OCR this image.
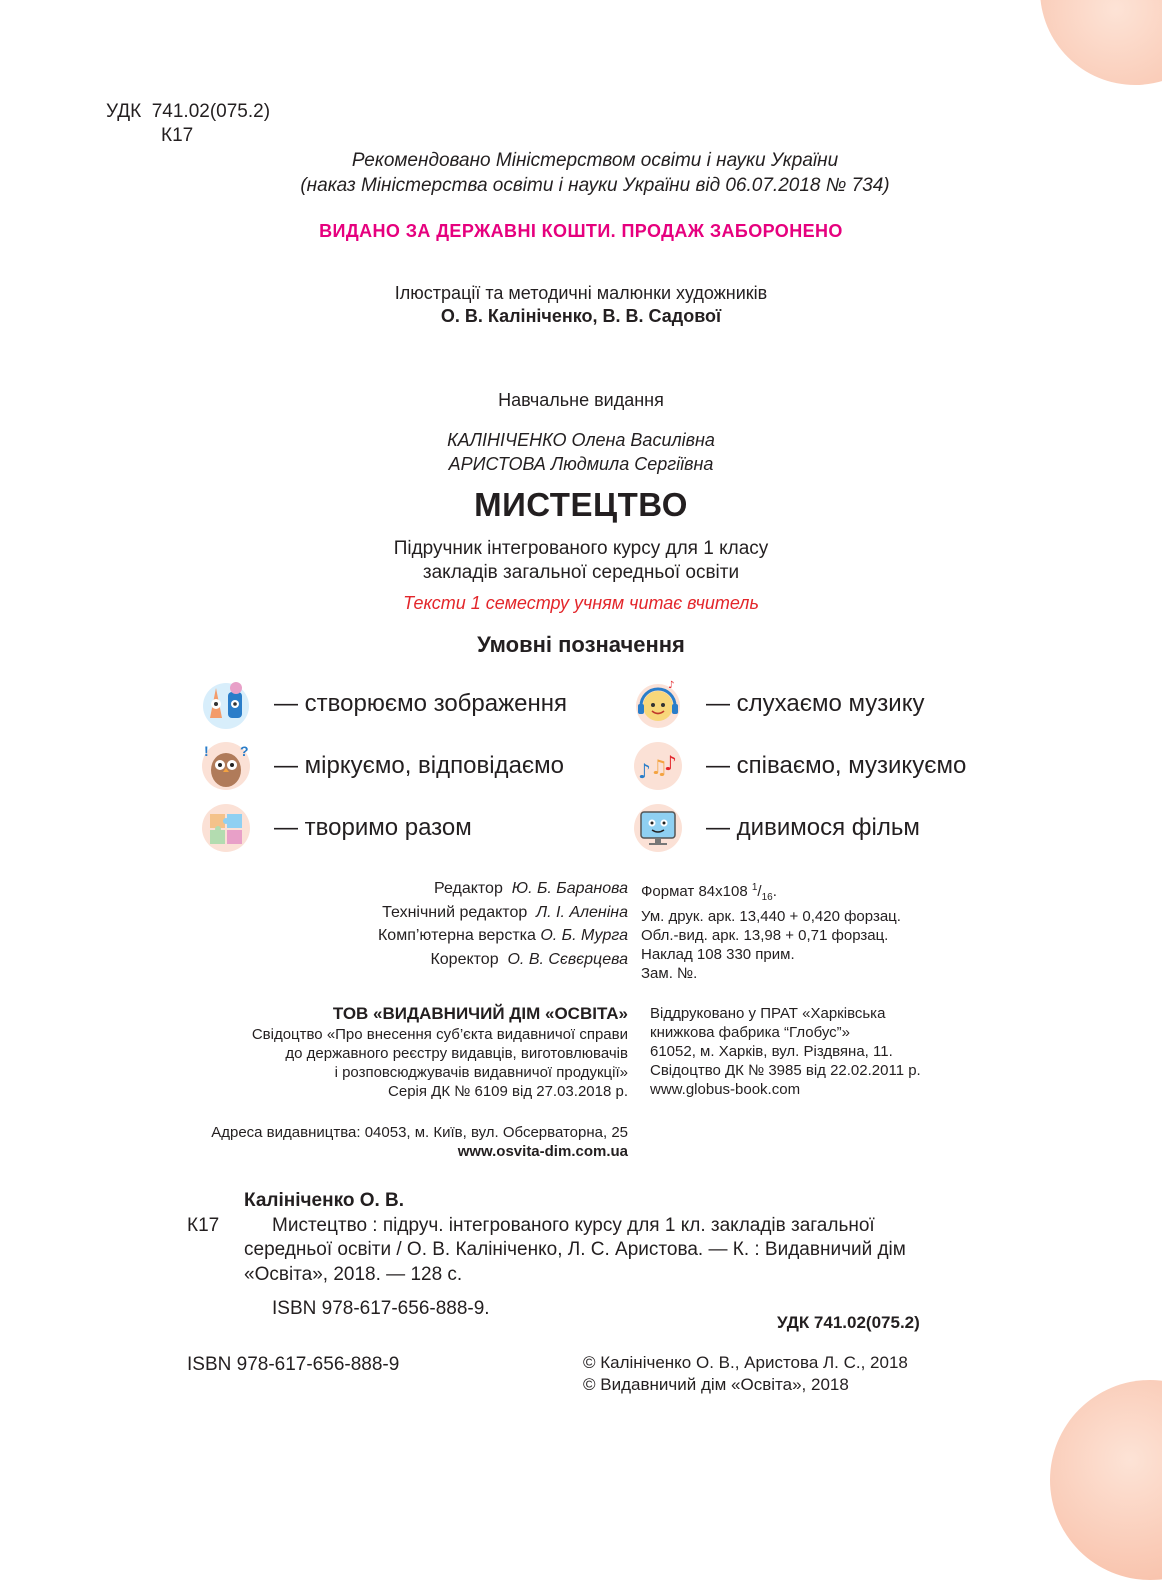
УДК 741.02(075.2)
К17
Рекомендовано Міністерством освіти і науки України
(наказ Міністерства освіти і науки України від 06.07.2018 № 734)
ВИДАНО ЗА ДЕРЖАВНІ КОШТИ. ПРОДАЖ ЗАБОРОНЕНО
Ілюстрації та методичні малюнки художників
О. В. Калініченко, В. В. Садової
Навчальне видання
КАЛІНІЧЕНКО Олена Василівна
АРИСТОВА Людмила Сергіївна
МИСТЕЦТВО
Підручник інтегрованого курсу для 1 класу
закладів загальної середньої освіти
Тексти 1 семестру учням читає вчитель
Умовні позначення
— створюємо зображення
! ?
— міркуємо, відповідаємо
— творимо разом
♪
— слухаємо музику
♪ ♫
♪ — співаємо, музикуємо
— дивимося фільм
Редактор Ю. Б. Баранова
Технічний редактор Л. І. Аленіна
Комп’ютерна верстка О. Б. Мурга
Коректор О. В. Сєвєрцева
Формат 84х108 $^1/_{16}$.
Ум. друк. арк. 13,440 + 0,420 форзац.
Обл.-вид. арк. 13,98 + 0,71 форзац.
Наклад 108 330 прим.
Зам. №.
ТОВ «ВИДАВНИЧИЙ ДІМ «ОСВІТА»
Свідоцтво «Про внесення суб’єкта видавничої справи
до державного реєстру видавців, виготовлювачів
і розповсюджувачів видавничої продукції»
Серія ДК № 6109 від 27.03.2018 р.
Віддруковано у ПРАТ «Харківська
книжкова фабрика “Глобус”»
61052, м. Харків, вул. Різдвяна, 11.
Свідоцтво ДК № 3985 від 22.02.2011 р.
www.globus-book.com
Адреса видавництва: 04053, м. Київ, вул. Обсерваторна, 25
www.osvita-dim.com.ua
Калініченко О. В.
К17	Мистецтво : підруч. інтегрованого курсу для 1 кл. закладів загальної
середньої освіти / О. В. Калініченко, Л. С. Аристова. — К. : Видавничий дім
«Освіта», 2018. — 128 с.
ISBN 978-617-656-888-9.
УДК 741.02(075.2)
ISBN 978-617-656-888-9	© Калініченко О. В., Аристова Л. С., 2018
© Видавничий дім «Освіта», 2018
